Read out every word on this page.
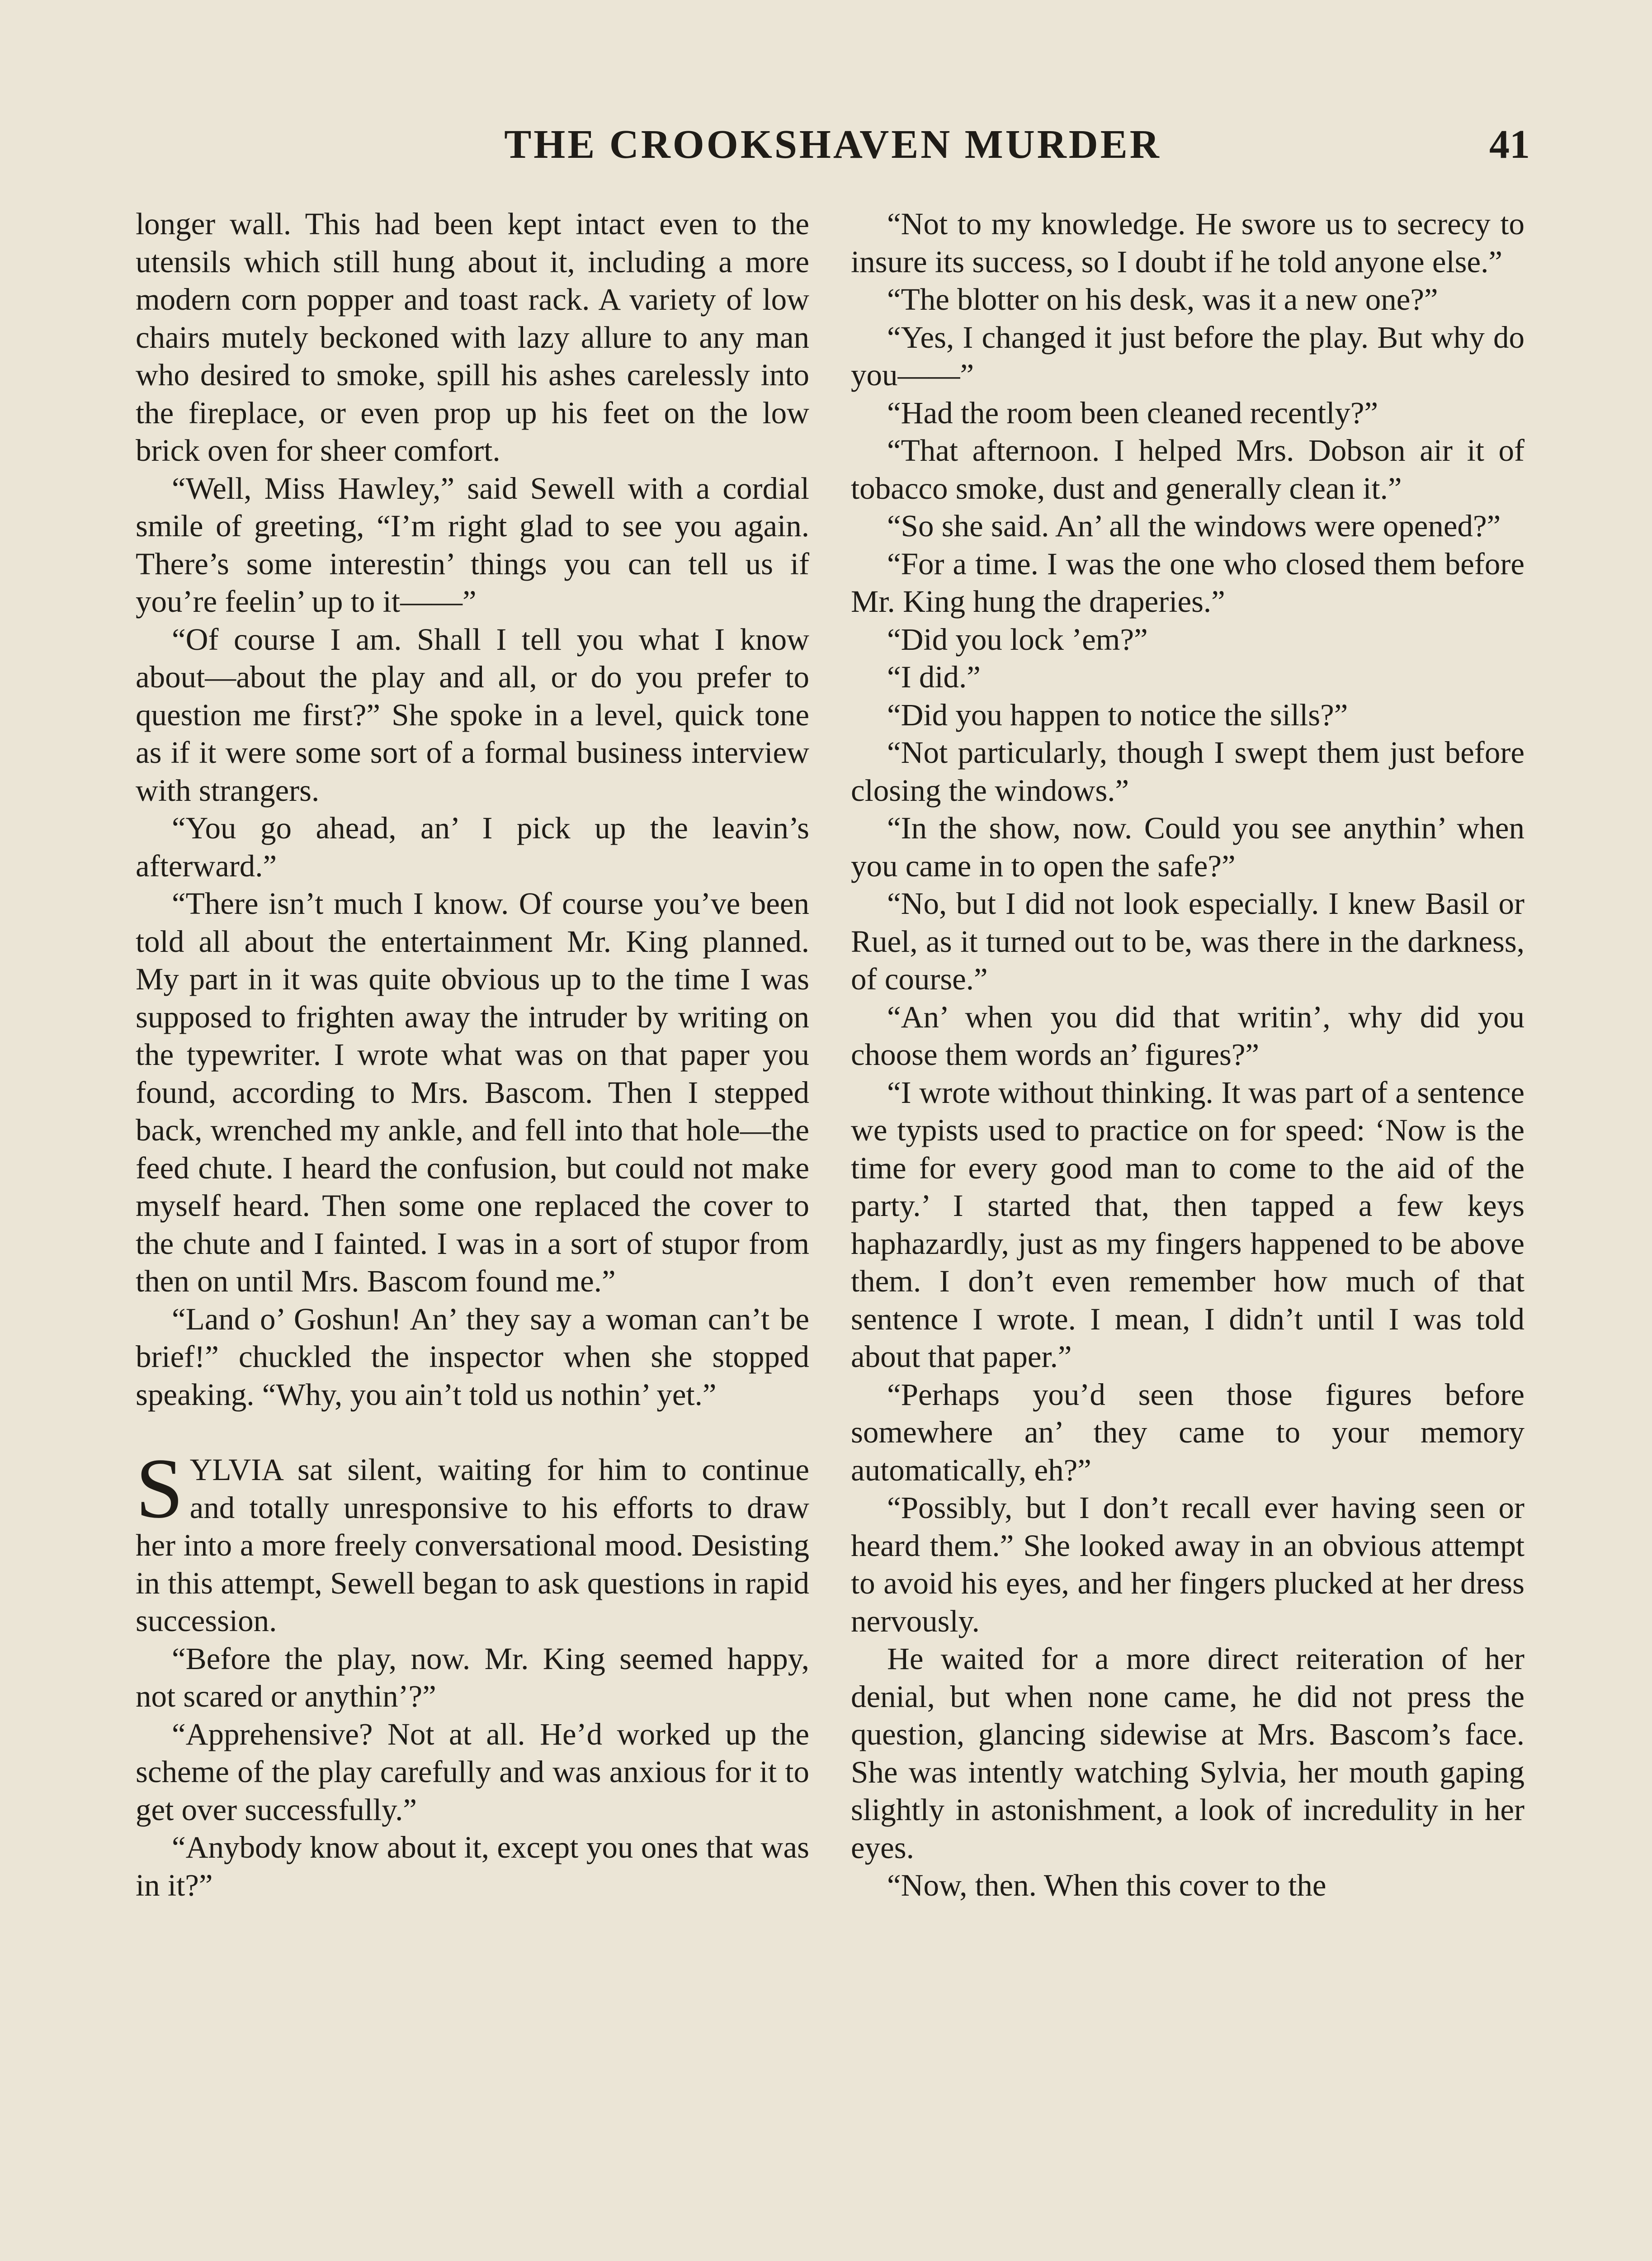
THE CROOKSHAVEN MURDER	41

longer wall. This had been kept intact even to the utensils which still hung about it, including a more modern corn popper and toast rack. A variety of low chairs mutely beckoned with lazy allure to any man who desired to smoke, spill his ashes carelessly into the fireplace, or even prop up his feet on the low brick oven for sheer comfort.

“Well, Miss Hawley,” said Sewell with a cordial smile of greeting, “I’m right glad to see you again. There’s some interestin’ things you can tell us if you’re feelin’ up to it——”

“Of course I am. Shall I tell you what I know about—about the play and all, or do you prefer to question me first?” She spoke in a level, quick tone as if it were some sort of a formal business interview with strangers.

“You go ahead, an’ I pick up the leavin’s afterward.”

“There isn’t much I know. Of course you’ve been told all about the entertainment Mr. King planned. My part in it was quite obvious up to the time I was supposed to frighten away the intruder by writing on the typewriter. I wrote what was on that paper you found, according to Mrs. Bascom. Then I stepped back, wrenched my ankle, and fell into that hole—the feed chute. I heard the confusion, but could not make myself heard. Then some one replaced the cover to the chute and I fainted. I was in a sort of stupor from then on until Mrs. Bascom found me.”

“Land o’ Goshun! An’ they say a woman can’t be brief!” chuckled the inspector when she stopped speaking. “Why, you ain’t told us nothin’ yet.”

SYLVIA sat silent, waiting for him to continue and totally unresponsive to his efforts to draw her into a more freely conversational mood. Desisting in this attempt, Sewell began to ask questions in rapid succession.

“Before the play, now. Mr. King seemed happy, not scared or anythin’?”

“Apprehensive? Not at all. He’d worked up the scheme of the play carefully and was anxious for it to get over successfully.”

“Anybody know about it, except you ones that was in it?”

“Not to my knowledge. He swore us to secrecy to insure its success, so I doubt if he told anyone else.”

“The blotter on his desk, was it a new one?”

“Yes, I changed it just before the play. But why do you——”

“Had the room been cleaned recently?”

“That afternoon. I helped Mrs. Dobson air it of tobacco smoke, dust and generally clean it.”

“So she said. An’ all the windows were opened?”

“For a time. I was the one who closed them before Mr. King hung the draperies.”

“Did you lock ’em?”

“I did.”

“Did you happen to notice the sills?”

“Not particularly, though I swept them just before closing the windows.”

“In the show, now. Could you see anythin’ when you came in to open the safe?”

“No, but I did not look especially. I knew Basil or Ruel, as it turned out to be, was there in the darkness, of course.”

“An’ when you did that writin’, why did you choose them words an’ figures?”

“I wrote without thinking. It was part of a sentence we typists used to practice on for speed: ‘Now is the time for every good man to come to the aid of the party.’ I started that, then tapped a few keys haphazardly, just as my fingers happened to be above them. I don’t even remember how much of that sentence I wrote. I mean, I didn’t until I was told about that paper.”

“Perhaps you’d seen those figures before somewhere an’ they came to your memory automatically, eh?”

“Possibly, but I don’t recall ever having seen or heard them.” She looked away in an obvious attempt to avoid his eyes, and her fingers plucked at her dress nervously.

He waited for a more direct reiteration of her denial, but when none came, he did not press the question, glancing sidewise at Mrs. Bascom’s face. She was intently watching Sylvia, her mouth gaping slightly in astonishment, a look of incredulity in her eyes.

“Now, then. When this cover to the
